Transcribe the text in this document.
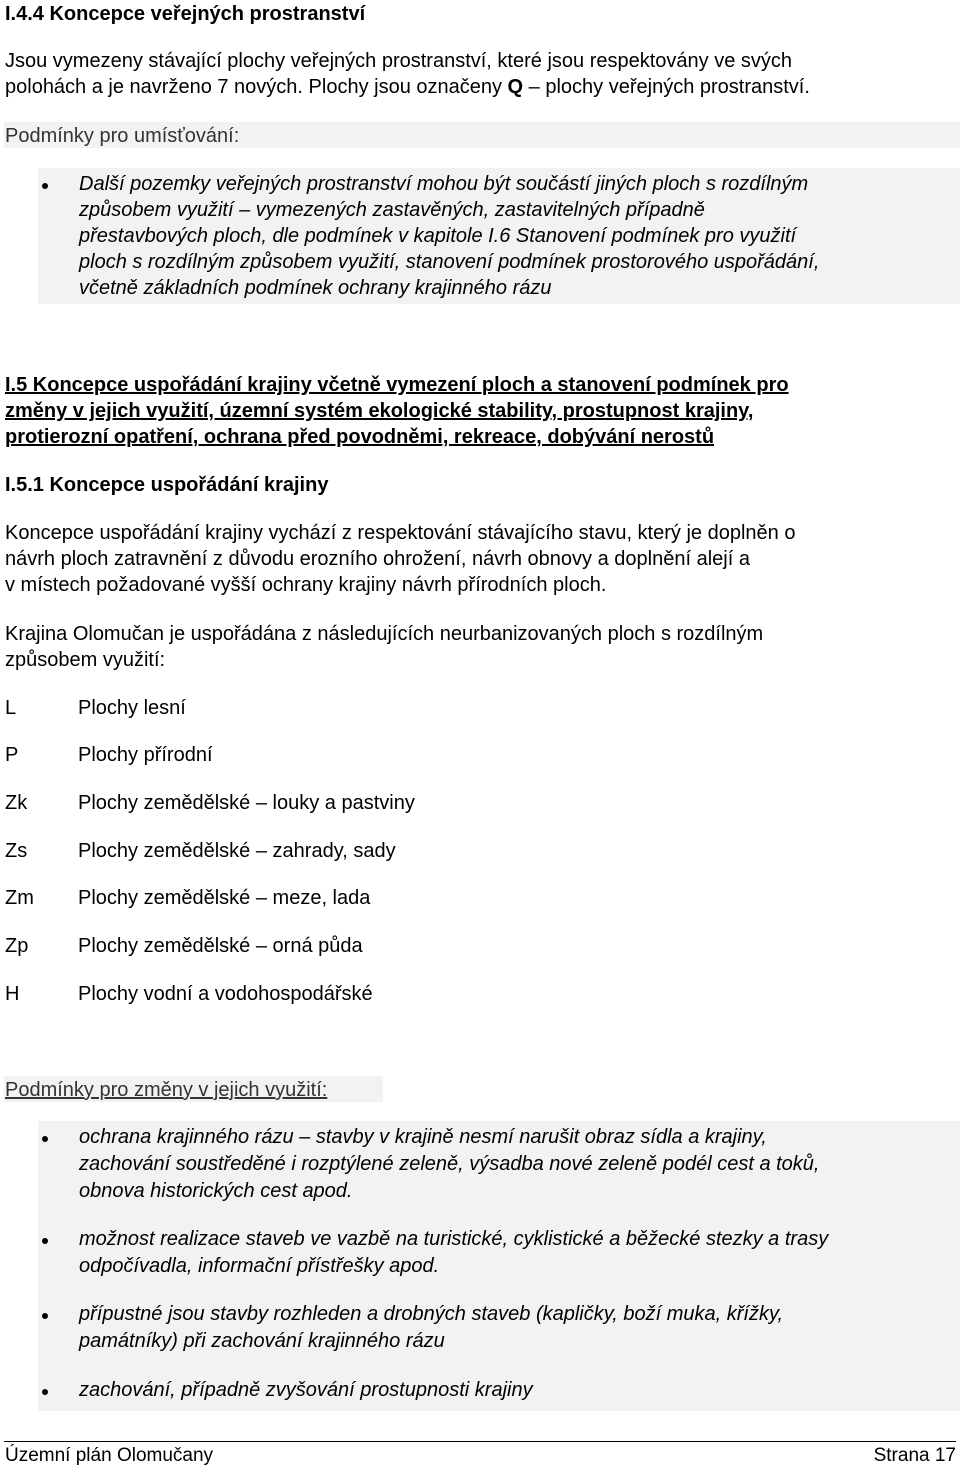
I.4.4 Koncepce veřejných prostranství
Jsou vymezeny stávající plochy veřejných prostranství, které jsou respektovány ve svých
polohách a je navrženo 7 nových. Plochy jsou označeny Q – plochy veřejných prostranství.
Podmínky pro umísťování:
Další pozemky veřejných prostranství mohou být součástí jiných ploch s rozdílným
způsobem využití – vymezených zastavěných, zastavitelných případně
přestavbových ploch, dle podmínek v kapitole I.6 Stanovení podmínek pro využití
ploch s rozdílným způsobem využití, stanovení podmínek prostorového uspořádání,
včetně základních podmínek ochrany krajinného rázu
I.5 Koncepce uspořádání krajiny včetně vymezení ploch a stanovení podmínek pro
změny v jejich využití, územní systém ekologické stability, prostupnost krajiny,
protierozní opatření, ochrana před povodněmi, rekreace, dobývání nerostů
I.5.1 Koncepce uspořádání krajiny
Koncepce uspořádání krajiny vychází z respektování stávajícího stavu, který je doplněn o
návrh ploch zatravnění z důvodu erozního ohrožení, návrh obnovy a doplnění alejí a
v místech požadované vyšší ochrany krajiny návrh přírodních ploch.
Krajina Olomučan je uspořádána z následujících neurbanizovaných ploch s rozdílným
způsobem využití:
L	Plochy lesní
P	Plochy přírodní
Zk	Plochy zemědělské – louky a pastviny
Zs	Plochy zemědělské – zahrady, sady
Zm Plochy zemědělské – meze, lada
Zp Plochy zemědělské – orná půda
H	Plochy vodní a vodohospodářské
Podmínky pro změny v jejich využití:
ochrana krajinného rázu – stavby v krajině nesmí narušit obraz sídla a krajiny,
zachování soustředěné i rozptýlené zeleně, výsadba nové zeleně podél cest a toků,
obnova historických cest apod.
možnost realizace staveb ve vazbě na turistické, cyklistické a běžecké stezky a trasy
odpočívadla, informační přístřešky apod.
přípustné jsou stavby rozhleden a drobných staveb (kapličky, boží muka, křížky,
památníky) při zachování krajinného rázu
zachování, případně zvyšování prostupnosti krajiny
Územní plán Olomučany	Strana 17
